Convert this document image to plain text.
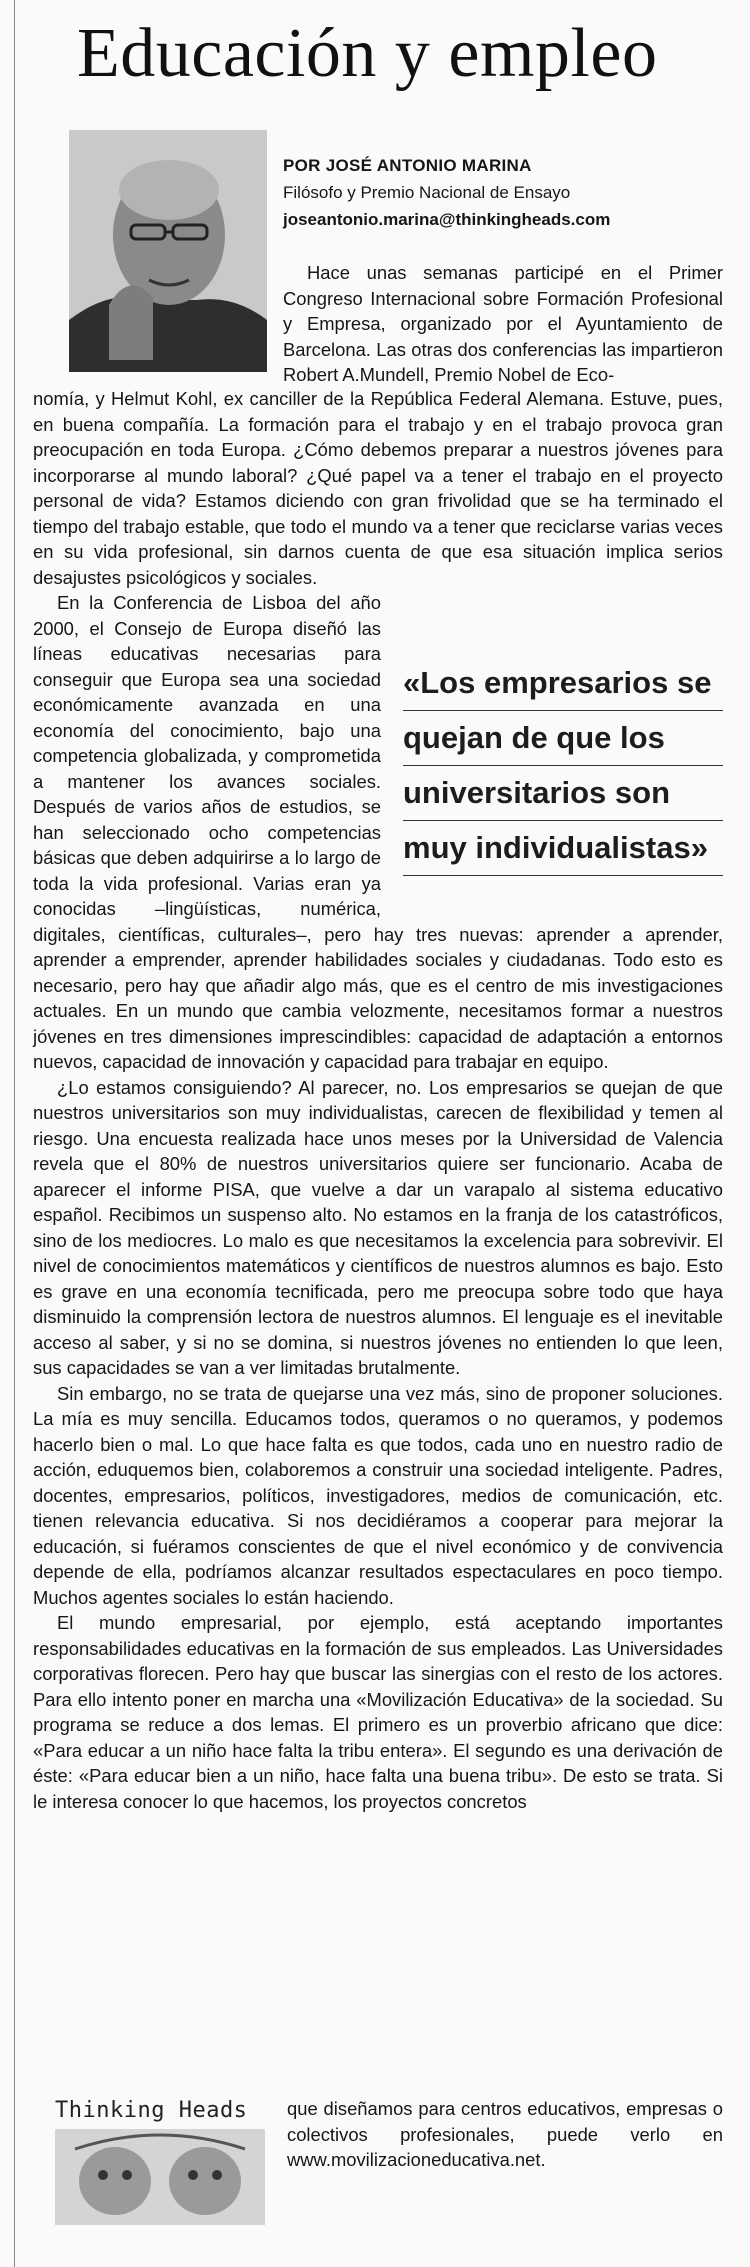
Educación y empleo
POR JOSÉ ANTONIO MARINA
Filósofo y Premio Nacional de Ensayo
joseantonio.marina@thinkingheads.com

Hace unas semanas participé en el Primer Congreso Internacional sobre Formación Profesional y Empresa, organizado por el Ayuntamiento de Barcelona. Las otras dos conferencias las impartieron Robert A.Mundell, Premio Nobel de Eco-

nomía, y Helmut Kohl, ex canciller de la República Federal Alemana. Estuve, pues, en buena compañía. La formación para el trabajo y en el trabajo provoca gran preocupación en toda Europa. ¿Cómo debemos preparar a nuestros jóvenes para incorporarse al mundo laboral? ¿Qué papel va a tener el trabajo en el proyecto personal de vida? Estamos diciendo con gran frivolidad que se ha terminado el tiempo del trabajo estable, que todo el mundo va a tener que reciclarse varias veces en su vida profesional, sin darnos cuenta de que esa situación implica serios desajustes psicológicos y sociales.

«Los empresarios se
quejan de que los
universitarios son
muy individualistas»

En la Conferencia de Lisboa del año 2000, el Consejo de Europa diseñó las líneas educativas necesarias para conseguir que Europa sea una sociedad económicamente avanzada en una economía del conocimiento, bajo una competencia globalizada, y comprometida a mantener los avances sociales. Después de varios años de estudios, se han seleccionado ocho competencias básicas que deben adquirirse a lo largo de toda la vida profesional. Varias eran ya conocidas –lingüísticas, numérica, digitales, científicas, culturales–, pero hay tres nuevas: aprender a aprender, aprender a emprender, aprender habilidades sociales y ciudadanas. Todo esto es necesario, pero hay que añadir algo más, que es el centro de mis investigaciones actuales. En un mundo que cambia velozmente, necesitamos formar a nuestros jóvenes en tres dimensiones imprescindibles: capacidad de adaptación a entornos nuevos, capacidad de innovación y capacidad para trabajar en equipo.

¿Lo estamos consiguiendo? Al parecer, no. Los empresarios se quejan de que nuestros universitarios son muy individualistas, carecen de flexibilidad y temen al riesgo. Una encuesta realizada hace unos meses por la Universidad de Valencia revela que el 80% de nuestros universitarios quiere ser funcionario. Acaba de aparecer el informe PISA, que vuelve a dar un varapalo al sistema educativo español. Recibimos un suspenso alto. No estamos en la franja de los catastróficos, sino de los mediocres. Lo malo es que necesitamos la excelencia para sobrevivir. El nivel de conocimientos matemáticos y científicos de nuestros alumnos es bajo. Esto es grave en una economía tecnificada, pero me preocupa sobre todo que haya disminuido la comprensión lectora de nuestros alumnos. El lenguaje es el inevitable acceso al saber, y si no se domina, si nuestros jóvenes no entienden lo que leen, sus capacidades se van a ver limitadas brutalmente.

Sin embargo, no se trata de quejarse una vez más, sino de proponer soluciones. La mía es muy sencilla. Educamos todos, queramos o no queramos, y podemos hacerlo bien o mal. Lo que hace falta es que todos, cada uno en nuestro radio de acción, eduquemos bien, colaboremos a construir una sociedad inteligente. Padres, docentes, empresarios, políticos, investigadores, medios de comunicación, etc. tienen relevancia educativa. Si nos decidiéramos a cooperar para mejorar la educación, si fuéramos conscientes de que el nivel económico y de convivencia depende de ella, podríamos alcanzar resultados espectaculares en poco tiempo. Muchos agentes sociales lo están haciendo.

El mundo empresarial, por ejemplo, está aceptando importantes responsabilidades educativas en la formación de sus empleados. Las Universidades corporativas florecen. Pero hay que buscar las sinergias con el resto de los actores. Para ello intento poner en marcha una «Movilización Educativa» de la sociedad. Su programa se reduce a dos lemas. El primero es un proverbio africano que dice: «Para educar a un niño hace falta la tribu entera». El segundo es una derivación de éste: «Para educar bien a un niño, hace falta una buena tribu». De esto se trata. Si le interesa conocer lo que hacemos, los proyectos concretos

Thinking Heads	que diseñamos para centros educativos, empresas o colectivos profesionales, puede verlo en www.movilizacioneducativa.net.
